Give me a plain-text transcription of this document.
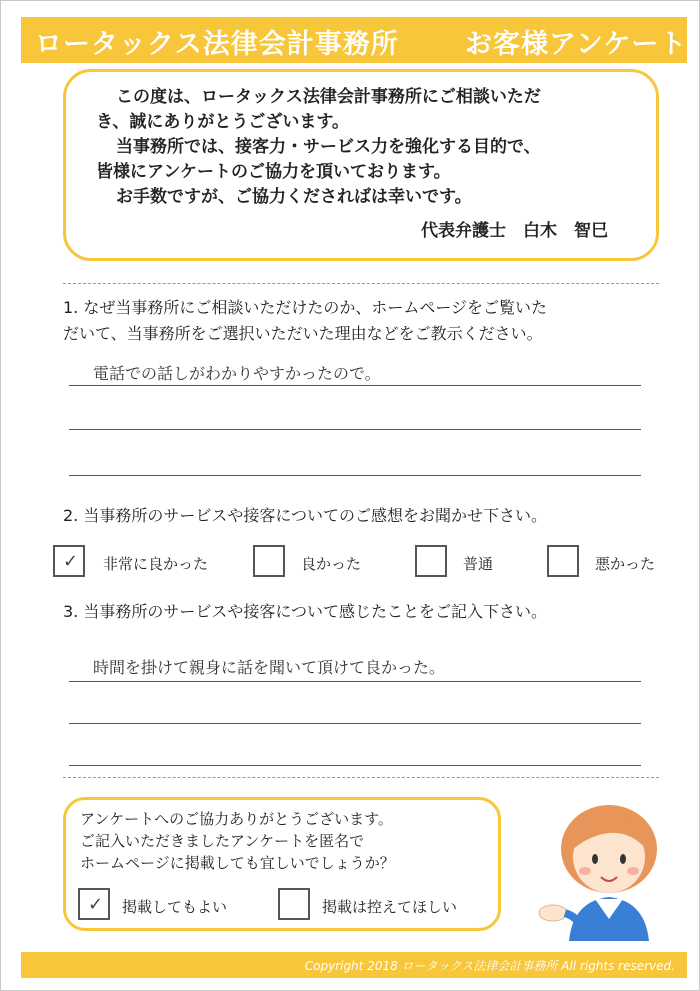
ロータックス法律会計事務所 お客様アンケート

この度は、ロータックス法律会計事務所にご相談いただ

き、誠にありがとうございます。

当事務所では、接客力・サービス力を強化する目的で、

皆様にアンケートのご協力を頂いております。

お手数ですが、ご協力くださればは幸いです。

代表弁護士　白木　智巳
1. なぜ当事務所にご相談いただけたのか、ホームページをご覧いた
だいて、当事務所をご選択いただいた理由などをご教示ください。
電話での話しがわかりやすかったので。
2. 当事務所のサービスや接客についてのご感想をお聞かせ下さい。
✓ 非常に良かった	良かった	普通	悪かった
3. 当事務所のサービスや接客について感じたことをご記入下さい。
時間を掛けて親身に話を聞いて頂けて良かった。
アンケートへのご協力ありがとうございます。
ご記入いただきましたアンケートを匿名で
ホームページに掲載しても宜しいでしょうか？
✓ 掲載してもよい	掲載は控えてほしい
Copyright 2018 ロータックス法律会計事務所 All rights reserved.
